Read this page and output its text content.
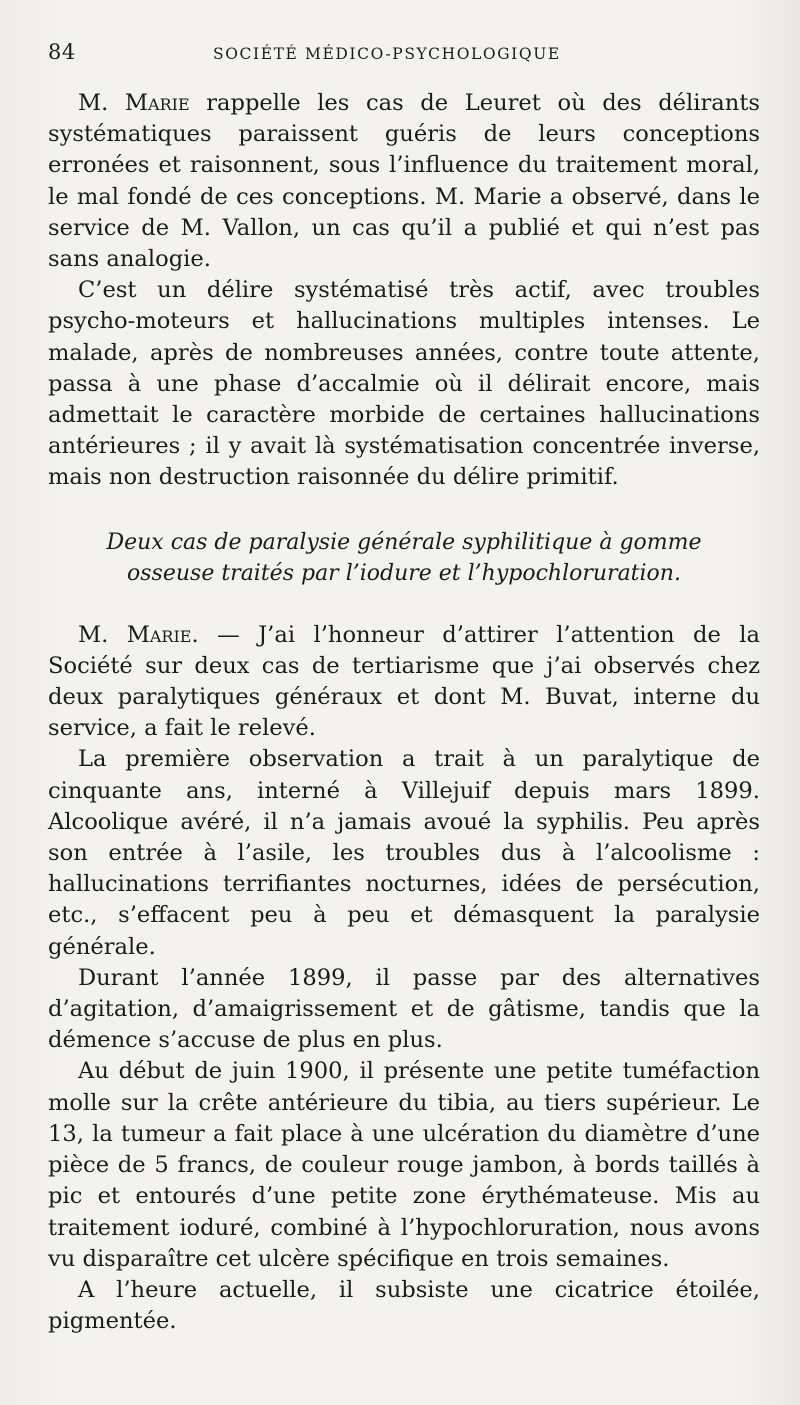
84	SOCIÉTÉ MÉDICO-PSYCHOLOGIQUE

M. Marie rappelle les cas de Leuret où des délirants systématiques paraissent guéris de leurs conceptions erronées et raisonnent, sous l’influence du traitement moral, le mal fondé de ces conceptions. M. Marie a observé, dans le service de M. Vallon, un cas qu’il a publié et qui n’est pas sans analogie.

C’est un délire systématisé très actif, avec troubles psycho-moteurs et hallucinations multiples intenses. Le malade, après de nombreuses années, contre toute attente, passa à une phase d’accalmie où il délirait encore, mais admettait le caractère morbide de certaines hallucinations antérieures ; il y avait là systématisation concentrée inverse, mais non destruction raisonnée du délire primitif.

Deux cas de paralysie générale syphilitique à gomme
osseuse traités par l’iodure et l’hypochloruration.

M. Marie. — J’ai l’honneur d’attirer l’attention de la Société sur deux cas de tertiarisme que j’ai observés chez deux paralytiques généraux et dont M. Buvat, interne du service, a fait le relevé.

La première observation a trait à un paralytique de cinquante ans, interné à Villejuif depuis mars 1899. Alcoolique avéré, il n’a jamais avoué la syphilis. Peu après son entrée à l’asile, les troubles dus à l’alcoolisme : hallucinations terrifiantes nocturnes, idées de persécution, etc., s’effacent peu à peu et démasquent la paralysie générale.

Durant l’année 1899, il passe par des alternatives d’agitation, d’amaigrissement et de gâtisme, tandis que la démence s’accuse de plus en plus.

Au début de juin 1900, il présente une petite tuméfaction molle sur la crête antérieure du tibia, au tiers supérieur. Le 13, la tumeur a fait place à une ulcération du diamètre d’une pièce de 5 francs, de couleur rouge jambon, à bords taillés à pic et entourés d’une petite zone érythémateuse. Mis au traitement ioduré, combiné à l’hypochloruration, nous avons vu disparaître cet ulcère spécifique en trois semaines.

A l’heure actuelle, il subsiste une cicatrice étoilée, pigmentée.
